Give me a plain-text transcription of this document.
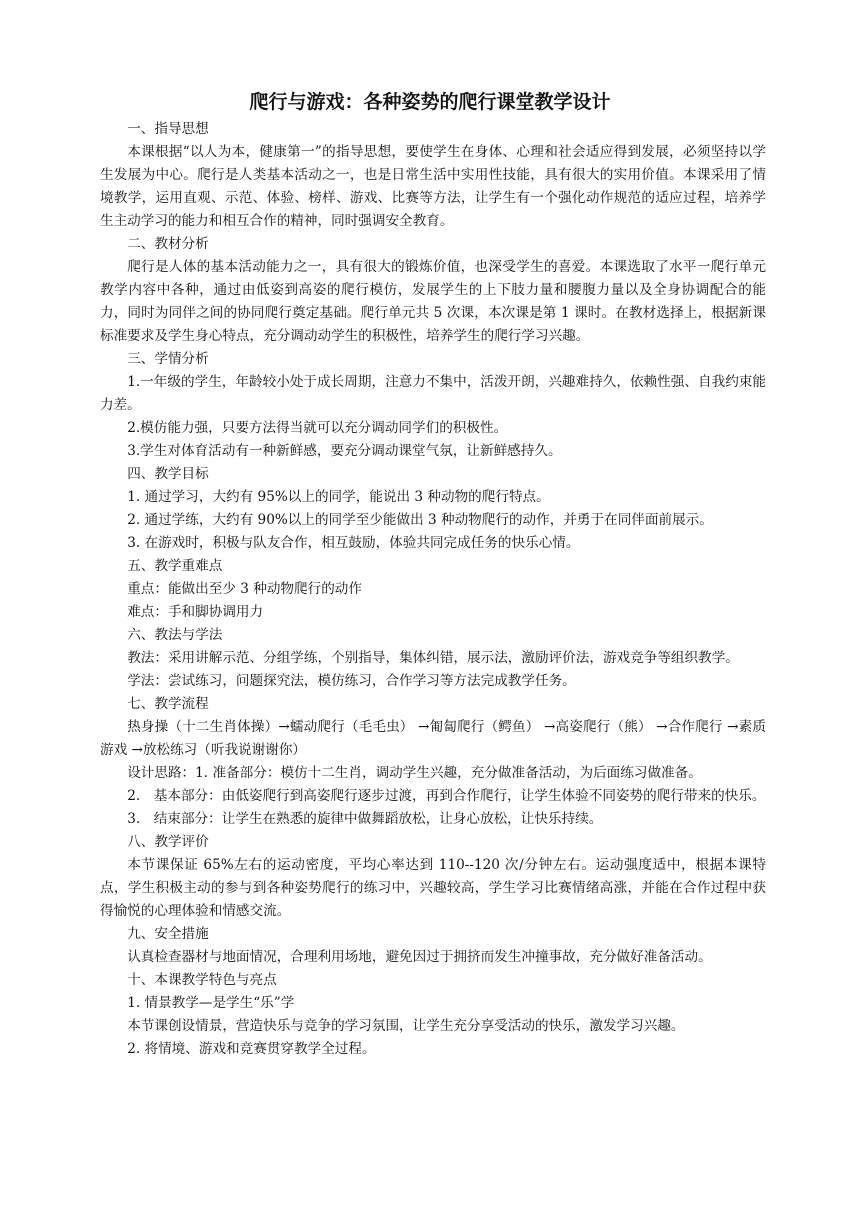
爬行与游戏：各种姿势的爬行课堂教学设计

一、指导思想

本课根据“以人为本，健康第一”的指导思想，要使学生在身体、心理和社会适应得到发展，必须坚持以学生发展为中心。爬行是人类基本活动之一，也是日常生活中实用性技能，具有很大的实用价值。本课采用了情境教学，运用直观、示范、体验、榜样、游戏、比赛等方法，让学生有一个强化动作规范的适应过程，培养学生主动学习的能力和相互合作的精神，同时强调安全教育。

二、教材分析

爬行是人体的基本活动能力之一，具有很大的锻炼价值，也深受学生的喜爱。本课选取了水平一爬行单元教学内容中各种，通过由低姿到高姿的爬行模仿，发展学生的上下肢力量和腰腹力量以及全身协调配合的能力，同时为同伴之间的协同爬行奠定基础。爬行单元共 5 次课，本次课是第 1 课时。在教材选择上，根据新课标准要求及学生身心特点，充分调动动学生的积极性，培养学生的爬行学习兴趣。

三、学情分析

1.一年级的学生，年龄较小处于成长周期，注意力不集中，活泼开朗，兴趣难持久，依赖性强、自我约束能力差。

2.模仿能力强，只要方法得当就可以充分调动同学们的积极性。

3.学生对体育活动有一种新鲜感，要充分调动课堂气氛，让新鲜感持久。

四、教学目标

1. 通过学习，大约有 95%以上的同学，能说出 3 种动物的爬行特点。

2. 通过学练，大约有 90%以上的同学至少能做出 3 种动物爬行的动作，并勇于在同伴面前展示。

3. 在游戏时，积极与队友合作，相互鼓励，体验共同完成任务的快乐心情。

五、教学重难点

重点：能做出至少 3 种动物爬行的动作

难点：手和脚协调用力

六、教法与学法

教法：采用讲解示范、分组学练，个别指导，集体纠错，展示法，激励评价法，游戏竞争等组织教学。

学法：尝试练习，问题探究法，模仿练习，合作学习等方法完成教学任务。

七、教学流程

热身操（十二生肖体操）→蠕动爬行（毛毛虫） →匍匐爬行（鳄鱼） →高姿爬行（熊） →合作爬行 →素质游戏 →放松练习（听我说谢谢你）

设计思路：1. 准备部分：模仿十二生肖，调动学生兴趣，充分做准备活动，为后面练习做准备。

2.　基本部分：由低姿爬行到高姿爬行逐步过渡，再到合作爬行，让学生体验不同姿势的爬行带来的快乐。

3.　结束部分：让学生在熟悉的旋律中做舞蹈放松，让身心放松，让快乐持续。

八、教学评价

本节课保证 65%左右的运动密度，平均心率达到 110--120 次/分钟左右。运动强度适中，根据本课特点，学生积极主动的参与到各种姿势爬行的练习中，兴趣较高，学生学习比赛情绪高涨，并能在合作过程中获得愉悦的心理体验和情感交流。

九、安全措施

认真检查器材与地面情况，合理利用场地，避免因过于拥挤而发生冲撞事故，充分做好准备活动。

十、本课教学特色与亮点

1. 情景教学—是学生“乐”学

本节课创设情景，营造快乐与竞争的学习氛围，让学生充分享受活动的快乐，激发学习兴趣。

2. 将情境、游戏和竞赛贯穿教学全过程。
